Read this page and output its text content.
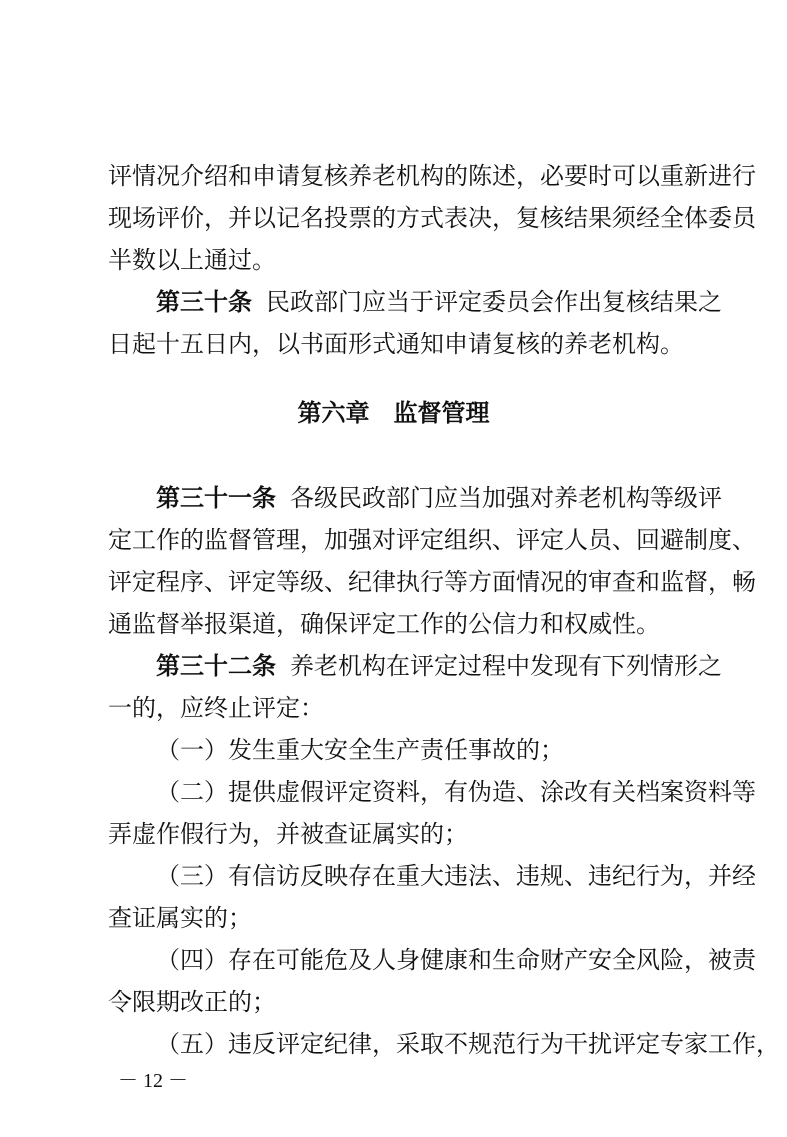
评情况介绍和申请复核养老机构的陈述，必要时可以重新进行
现场评价，并以记名投票的方式表决，复核结果须经全体委员
半数以上通过。
第三十条 民政部门应当于评定委员会作出复核结果之
日起十五日内，以书面形式通知申请复核的养老机构。
第六章　监督管理
第三十一条 各级民政部门应当加强对养老机构等级评
定工作的监督管理，加强对评定组织、评定人员、回避制度、
评定程序、评定等级、纪律执行等方面情况的审查和监督，畅
通监督举报渠道，确保评定工作的公信力和权威性。
第三十二条 养老机构在评定过程中发现有下列情形之
一的，应终止评定：
（一）发生重大安全生产责任事故的；
（二）提供虚假评定资料，有伪造、涂改有关档案资料等
弄虚作假行为，并被查证属实的；
（三）有信访反映存在重大违法、违规、违纪行为，并经
查证属实的；
（四）存在可能危及人身健康和生命财产安全风险，被责
令限期改正的；
（五）违反评定纪律，采取不规范行为干扰评定专家工作，
－ 12 －
